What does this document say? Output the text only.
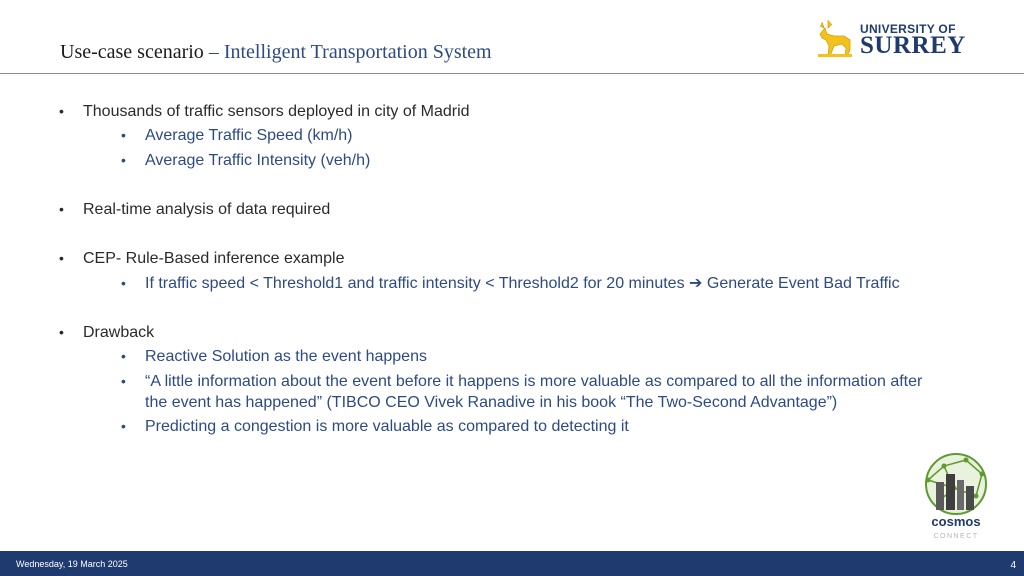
Use-case scenario – Intelligent Transportation System
UNIVERSITY OF
SURREY
• Thousands of traffic sensors deployed in city of Madrid
• Average Traffic Speed (km/h)
• Average Traffic Intensity (veh/h)
• Real-time analysis of data required
• CEP- Rule-Based inference example
• If traffic speed < Threshold1 and traffic intensity < Threshold2 for 20 minutes ➔ Generate Event Bad Traffic
• Drawback
• Reactive Solution as the event happens
• “A little information about the event before it happens is more valuable as compared to all the information after
the event has happened” (TIBCO CEO Vivek Ranadive in his book “The Two-Second Advantage”)
• Predicting a congestion is more valuable as compared to detecting it
cosmos
CONNECT
Wednesday, 19 March 2025	4
